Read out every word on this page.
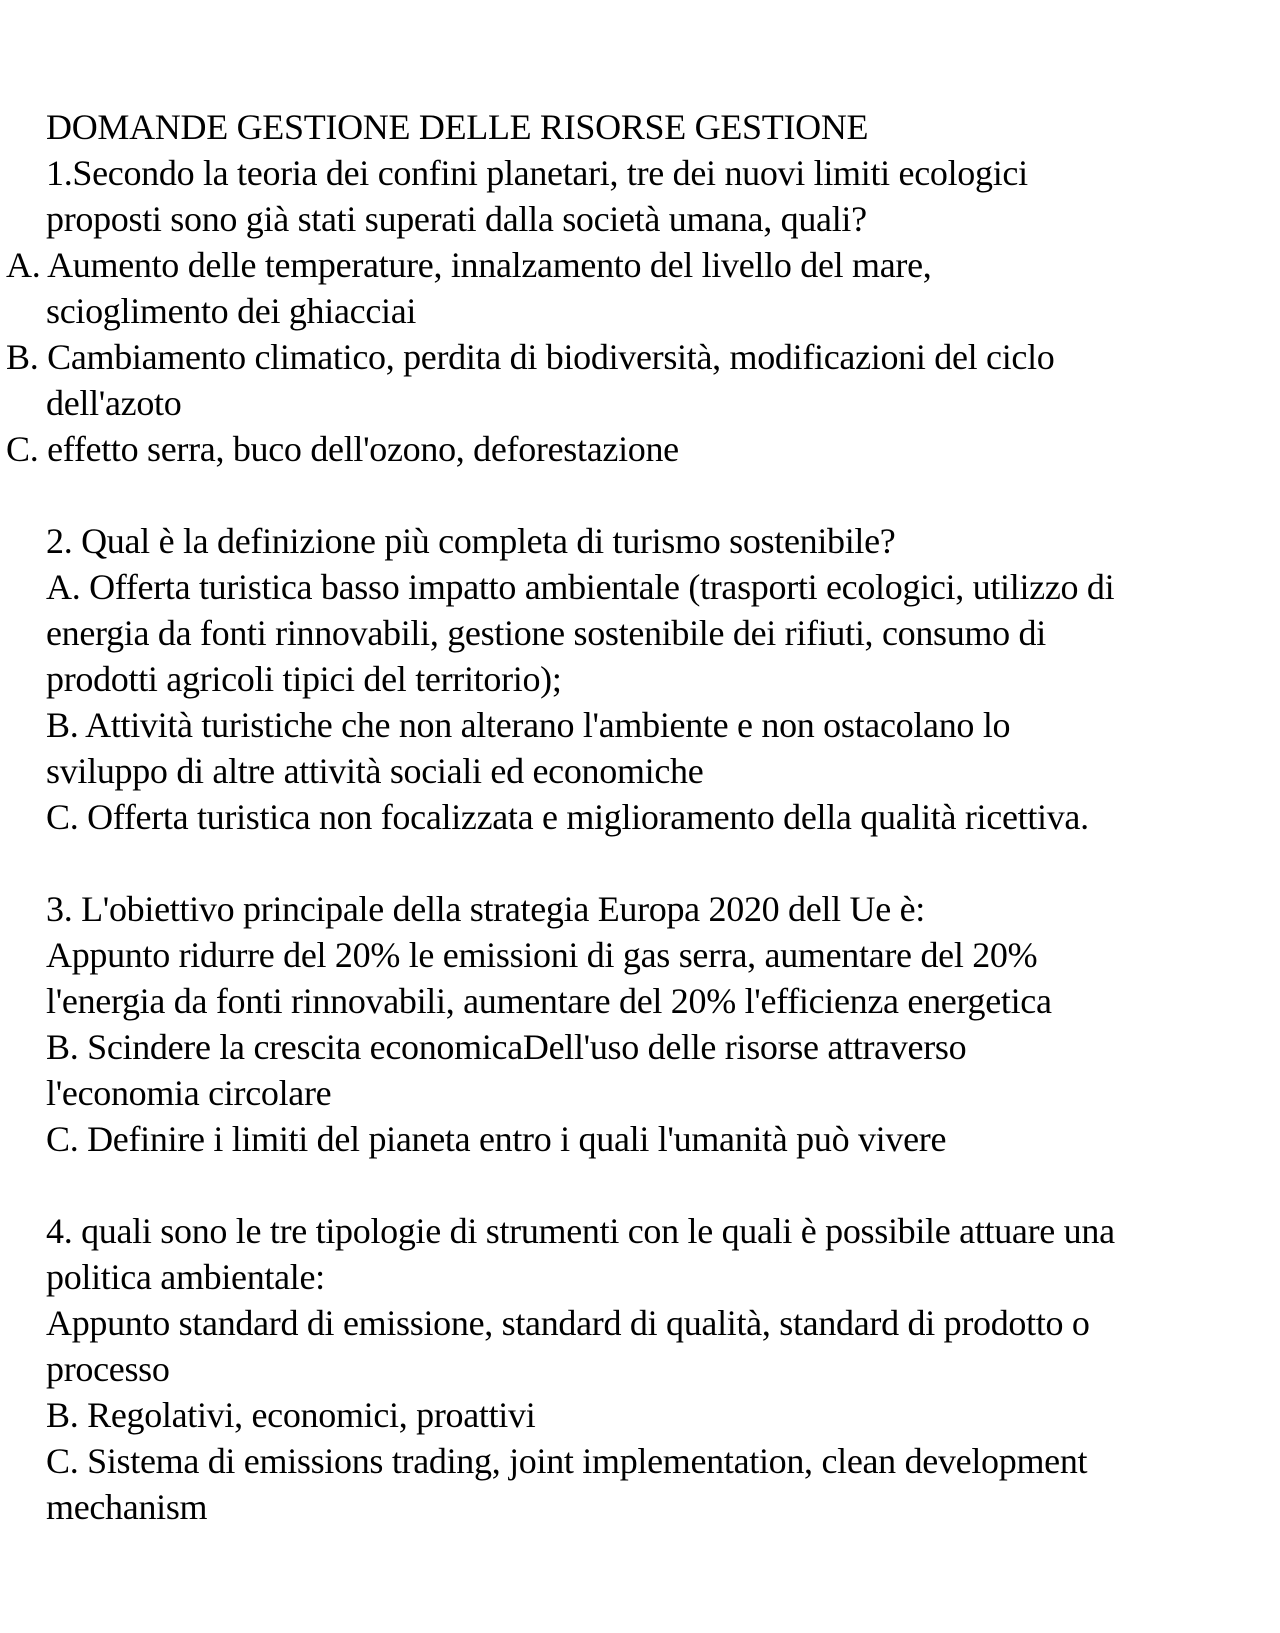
DOMANDE GESTIONE DELLE RISORSE GESTIONE
1.Secondo la teoria dei confini planetari, tre dei nuovi limiti ecologici
proposti sono già stati superati dalla società umana, quali?
A. Aumento delle temperature, innalzamento del livello del mare,
scioglimento dei ghiacciai
B. Cambiamento climatico, perdita di biodiversità, modificazioni del ciclo
dell'azoto
C. effetto serra, buco dell'ozono, deforestazione
2. Qual è la definizione più completa di turismo sostenibile?
A. Offerta turistica basso impatto ambientale (trasporti ecologici, utilizzo di
energia da fonti rinnovabili, gestione sostenibile dei rifiuti, consumo di
prodotti agricoli tipici del territorio);
B. Attività turistiche che non alterano l'ambiente e non ostacolano lo
sviluppo di altre attività sociali ed economiche
C. Offerta turistica non focalizzata e miglioramento della qualità ricettiva.
3. L'obiettivo principale della strategia Europa 2020 dell Ue è:
Appunto ridurre del 20% le emissioni di gas serra, aumentare del 20%
l'energia da fonti rinnovabili, aumentare del 20% l'efficienza energetica
B. Scindere la crescita economicaDell'uso delle risorse attraverso
l'economia circolare
C. Definire i limiti del pianeta entro i quali l'umanità può vivere
4. quali sono le tre tipologie di strumenti con le quali è possibile attuare una
politica ambientale:
Appunto standard di emissione, standard di qualità, standard di prodotto o
processo
B. Regolativi, economici, proattivi
C. Sistema di emissions trading, joint implementation, clean development
mechanism
